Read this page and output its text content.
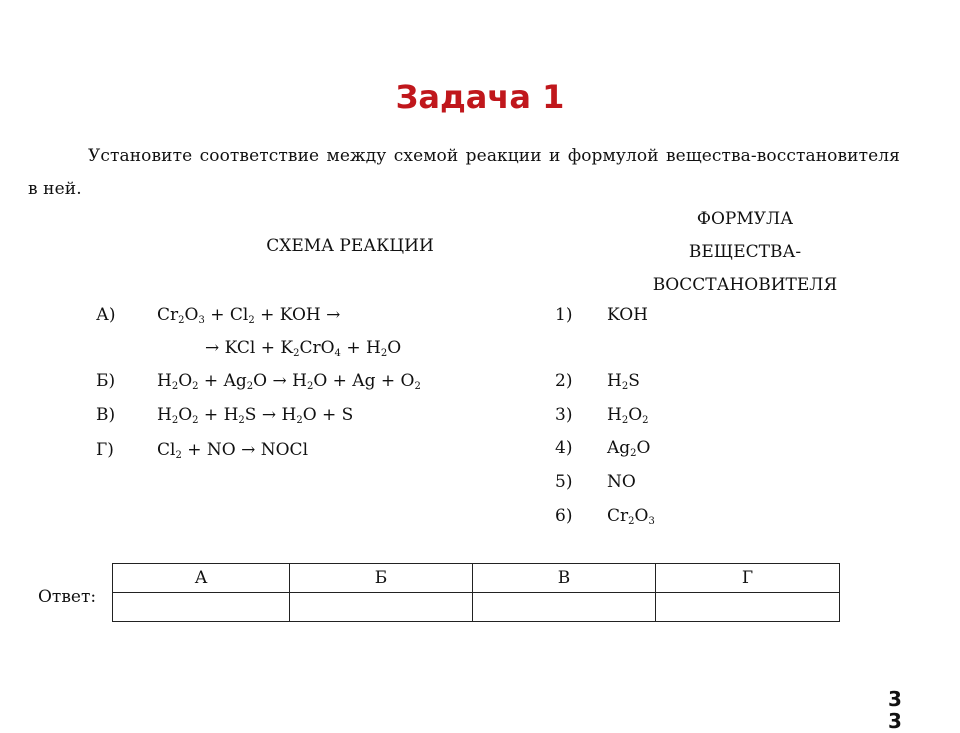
Задача 1
Установите соответствие между схемой реакции и формулой вещества-восстановителя в ней.
СХЕМА РЕАКЦИИ
ФОРМУЛА
ВЕЩЕСТВА-
ВОССТАНОВИТЕЛЯ
А) $Cr_2O_3 + Cl_2$ + KOH →
→ KCl + $K_2CrO_4 + H_2O$
Б) $H_2O_2 + Ag_2O \to H_2O + Ag + O_2$
В) $H_2O_2 + H_2S \to H_2O + S$
Г)	$Cl_2$ + NO → NOCl
1) KOH
2) $H_2S$
3) $H_2O_2$
4) $Ag_2O$
5) NO
6) $Cr_2O_3$
Ответ:
А	Б	В	Г

3
3
